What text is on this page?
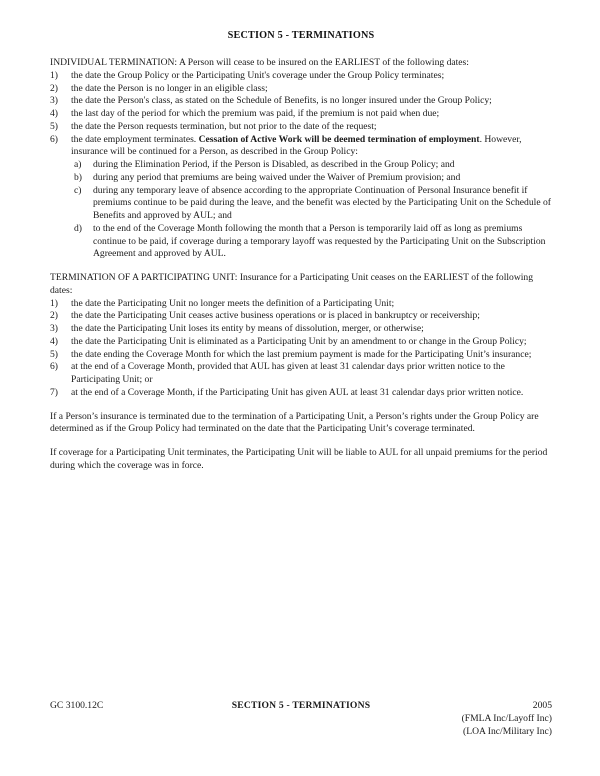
SECTION 5 - TERMINATIONS

INDIVIDUAL TERMINATION: A Person will cease to be insured on the EARLIEST of the following dates:

1)	the date the Group Policy or the Participating Unit's coverage under the Group Policy terminates;
2)	the date the Person is no longer in an eligible class;
3)	the date the Person's class, as stated on the Schedule of Benefits, is no longer insured under the Group Policy;
4)	the last day of the period for which the premium was paid, if the premium is not paid when due;
5)	the date the Person requests termination, but not prior to the date of the request;
6)	the date employment terminates. Cessation of Active Work will be deemed termination of employment. However, insurance will be continued for a Person, as described in the Group Policy:
a)	during the Elimination Period, if the Person is Disabled, as described in the Group Policy; and
b)	during any period that premiums are being waived under the Waiver of Premium provision; and
c)	during any temporary leave of absence according to the appropriate Continuation of Personal Insurance benefit if premiums continue to be paid during the leave, and the benefit was elected by the Participating Unit on the Schedule of Benefits and approved by AUL; and
d)	to the end of the Coverage Month following the month that a Person is temporarily laid off as long as premiums continue to be paid, if coverage during a temporary layoff was requested by the Participating Unit on the Subscription Agreement and approved by AUL.

TERMINATION OF A PARTICIPATING UNIT: Insurance for a Participating Unit ceases on the EARLIEST of the following dates:

1)	the date the Participating Unit no longer meets the definition of a Participating Unit;
2)	the date the Participating Unit ceases active business operations or is placed in bankruptcy or receivership;
3)	the date the Participating Unit loses its entity by means of dissolution, merger, or otherwise;
4)	the date the Participating Unit is eliminated as a Participating Unit by an amendment to or change in the Group Policy;
5)	the date ending the Coverage Month for which the last premium payment is made for the Participating Unit’s insurance;
6)	at the end of a Coverage Month, provided that AUL has given at least 31 calendar days prior written notice to the Participating Unit; or
7)	at the end of a Coverage Month, if the Participating Unit has given AUL at least 31 calendar days prior written notice.

If a Person’s insurance is terminated due to the termination of a Participating Unit, a Person’s rights under the Group Policy are determined as if the Group Policy had terminated on the date that the Participating Unit’s coverage terminated.

If coverage for a Participating Unit terminates, the Participating Unit will be liable to AUL for all unpaid premiums for the period during which the coverage was in force.

GC 3100.12C	SECTION 5 - TERMINATIONS	2005
(FMLA Inc/Layoff Inc)
(LOA Inc/Military Inc)
